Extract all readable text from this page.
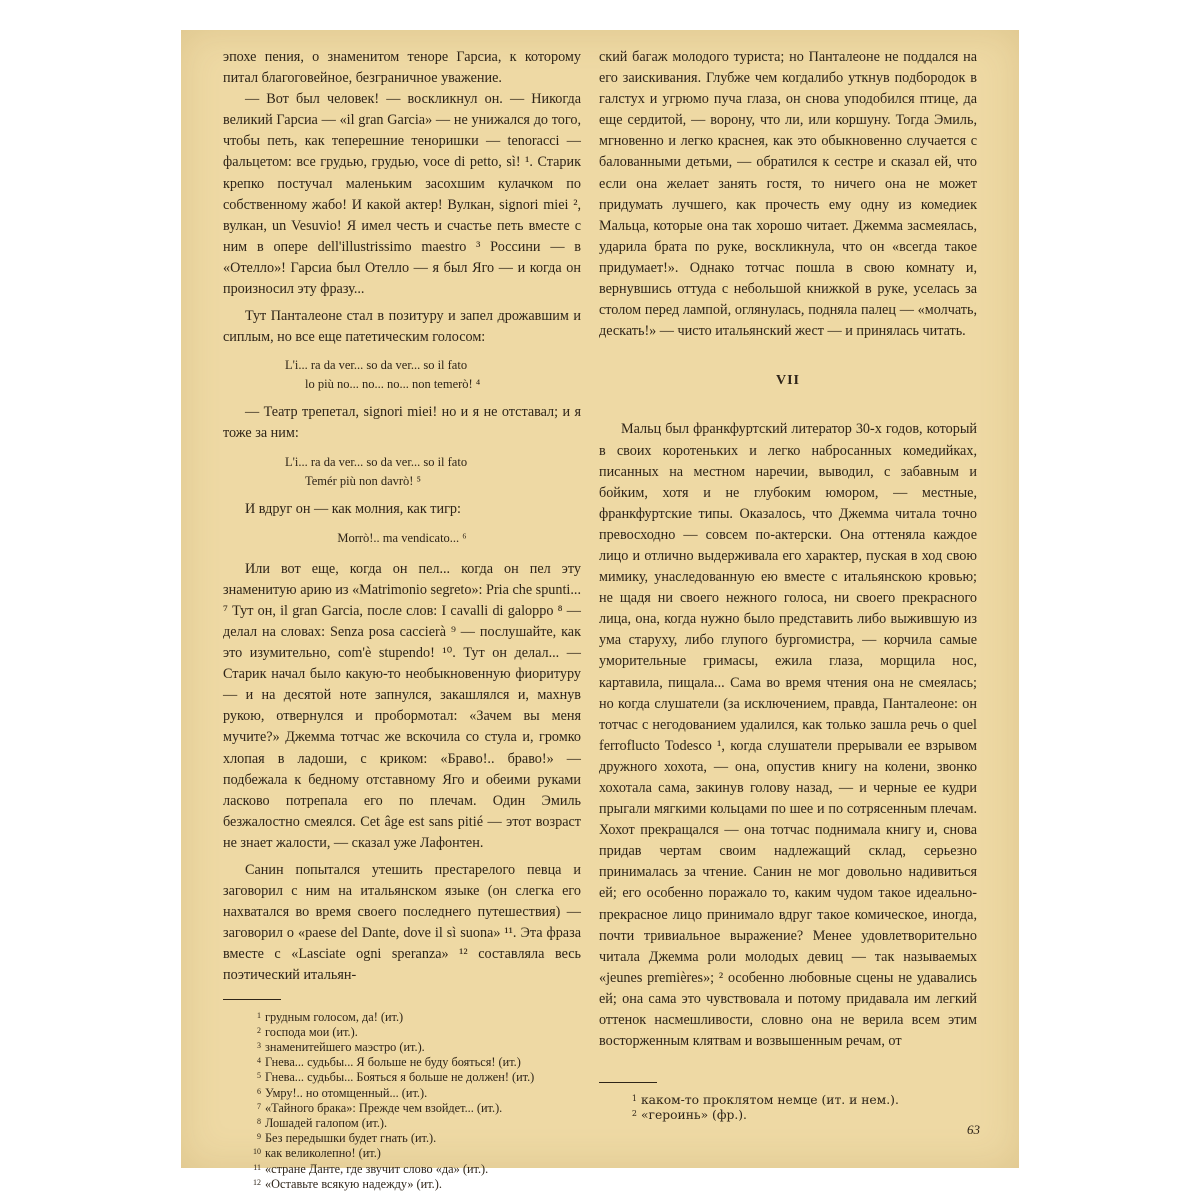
эпохе пения, о знаменитом теноре Гарсиа, к которому питал благоговейное, безграничное уважение.

— Вот был человек! — воскликнул он. — Никогда великий Гарсиа — «il gran Garcia» — не унижался до того, чтобы петь, как теперешние теноришки — tenoracci — фальцетом: все грудью, грудью, voce di petto, sì! ¹. Старик крепко постучал маленьким засохшим кулачком по собственному жабо! И какой актер! Вулкан, signori miei ², вулкан, un Vesuvio! Я имел честь и счастье петь вместе с ним в опере dell'illustrissimo maestro ³ Россини — в «Отелло»! Гарсиа был Отелло — я был Яго — и когда он произносил эту фразу...

Тут Панталеоне стал в позитуру и запел дрожавшим и сиплым, но все еще патетическим голосом:

L'i... ra da ver... so da ver... so il fato
lo più no... no... no... non temerò! ⁴

— Театр трепетал, signori miei! но и я не отставал; и я тоже за ним:

L'i... ra da ver... so da ver... so il fato
Temér più non davrò! ⁵

И вдруг он — как молния, как тигр:

Morrò!.. ma vendicato... ⁶

Или вот еще, когда он пел... когда он пел эту знаменитую арию из «Matrimonio segreto»: Pria che spunti... ⁷ Тут он, il gran Garcia, после слов: I cavalli di galoppo ⁸ — делал на словах: Senza posa caccierà ⁹ — послушайте, как это изумительно, com'è stupendo! ¹⁰. Тут он делал... — Старик начал было какую-то необыкновенную фиоритуру — и на десятой ноте запнулся, закашлялся и, махнув рукою, отвернулся и пробормотал: «Зачем вы меня мучите?» Джемма тотчас же вскочила со стула и, громко хлопая в ладоши, с криком: «Браво!.. браво!» — подбежала к бедному отставному Яго и обеими руками ласково потрепала его по плечам. Один Эмиль безжалостно смеялся. Cet âge est sans pitié — этот возраст не знает жалости, — сказал уже Лафонтен.

Санин попытался утешить престарелого певца и заговорил с ним на итальянском языке (он слегка его нахватался во время своего последнего путешествия) — заговорил о «paese del Dante, dove il sì suona» ¹¹. Эта фраза вместе с «Lasciate ogni speranza» ¹² составляла весь поэтический итальян-

1 грудным голосом, да! (ит.)
2 господа мои (ит.).
3 знаменитейшего маэстро (ит.).
4 Гнева... судьбы... Я больше не буду бояться! (ит.)
5 Гнева... судьбы... Бояться я больше не должен! (ит.)
6 Умру!.. но отомщенный... (ит.).
7 «Тайного брака»: Прежде чем взойдет... (ит.).
8 Лошадей галопом (ит.).
9 Без передышки будет гнать (ит.).
10 как великолепно! (ит.)
11 «стране Данте, где звучит слово «да» (ит.).
12 «Оставьте всякую надежду» (ит.).

ский багаж молодого туриста; но Панталеоне не поддался на его заискивания. Глубже чем когдалибо уткнув подбородок в галстух и угрюмо пуча глаза, он снова уподобился птице, да еще сердитой, — ворону, что ли, или коршуну. Тогда Эмиль, мгновенно и легко краснея, как это обыкновенно случается с балованными детьми, — обратился к сестре и сказал ей, что если она желает занять гостя, то ничего она не может придумать лучшего, как прочесть ему одну из комедиек Мальца, которые она так хорошо читает. Джемма засмеялась, ударила брата по руке, воскликнула, что он «всегда такое придумает!». Однако тотчас пошла в свою комнату и, вернувшись оттуда с небольшой книжкой в руке, уселась за столом перед лампой, оглянулась, подняла палец — «молчать, дескать!» — чисто итальянский жест — и принялась читать.

VII

Мальц был франкфуртский литератор 30-х годов, который в своих коротеньких и легко набросанных комедийках, писанных на местном наречии, выводил, с забавным и бойким, хотя и не глубоким юмором, — местные, франкфуртские типы. Оказалось, что Джемма читала точно превосходно — совсем по-актерски. Она оттеняла каждое лицо и отлично выдерживала его характер, пуская в ход свою мимику, унаследованную ею вместе с итальянскою кровью; не щадя ни своего нежного голоса, ни своего прекрасного лица, она, когда нужно было представить либо выжившую из ума старуху, либо глупого бургомистра, — корчила самые уморительные гримасы, ежила глаза, морщила нос, картавила, пищала... Сама во время чтения она не смеялась; но когда слушатели (за исключением, правда, Панталеоне: он тотчас с негодованием удалился, как только зашла речь о quel ferroflucto Todesco ¹, когда слушатели прерывали ее взрывом дружного хохота, — она, опустив книгу на колени, звонко хохотала сама, закинув голову назад, — и черные ее кудри прыгали мягкими кольцами по шее и по сотрясенным плечам. Хохот прекращался — она тотчас поднимала книгу и, снова придав чертам своим надлежащий склад, серьезно принималась за чтение. Санин не мог довольно надивиться ей; его особенно поражало то, каким чудом такое идеально-прекрасное лицо принимало вдруг такое комическое, иногда, почти тривиальное выражение? Менее удовлетворительно читала Джемма роли молодых девиц — так называемых «jeunes premières»; ² особенно любовные сцены не удавались ей; она сама это чувствовала и потому придавала им легкий оттенок насмешливости, словно она не верила всем этим восторженным клятвам и возвышенным речам, от

1 каком-то проклятом немце (ит. и нем.).
2 «героинь» (фр.).
63
